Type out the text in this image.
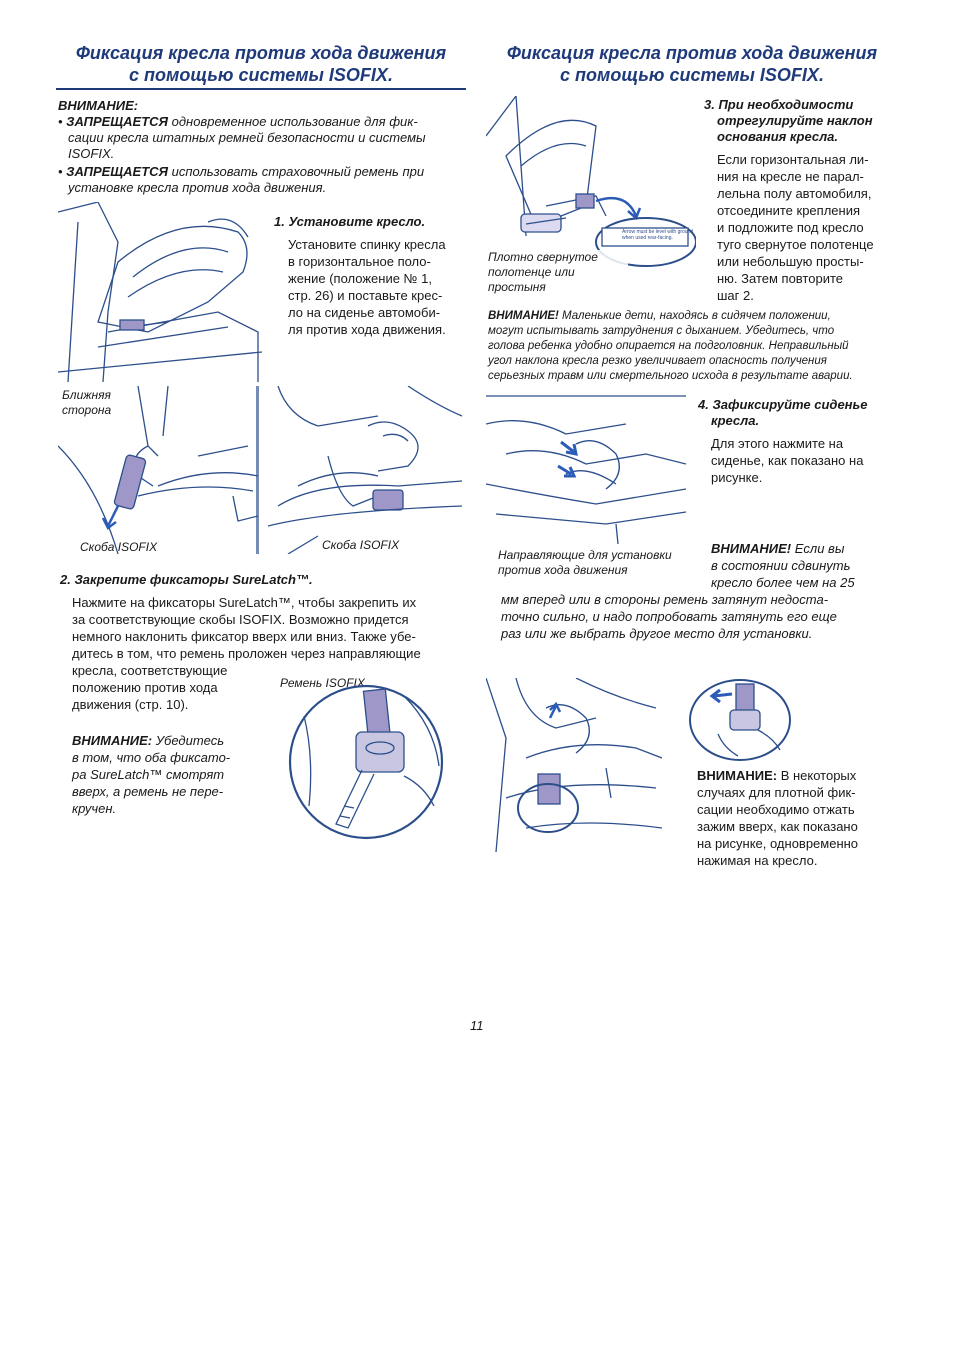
Фиксация кресла против хода движения
с помощью системы ISOFIX.
ВНИМАНИЕ:
• ЗАПРЕЩАЕТСЯ одновременное использование для фик-
сации кресла штатных ремней безопасности и системы
ISOFIX.
• ЗАПРЕЩАЕТСЯ использовать страховочный ремень при
установке кресла против хода движения.
1. Установите кресло.
Установите спинку кресла
в горизонтальное поло-
жение (положение № 1,
стр. 26) и поставьте крес-
ло на сиденье автомоби-
ля против хода движения.
Ближняя
сторона
Скоба ISOFIX	Скоба ISOFIX
2. Закрепите фиксаторы SureLatch™.
Нажмите на фиксаторы SureLatch™, чтобы закрепить их
за соответствующие скобы ISOFIX. Возможно придется
немного наклонить фиксатор вверх или вниз. Также убе-
дитесь в том, что ремень проложен через направляющие
кресла, соответствующие
положению против хода
движения (стр. 10).
Ремень ISOFIX
ВНИМАНИЕ: Убедитесь
в том, что оба фиксато-
ра SureLatch™ смотрят
вверх, а ремень не пере-
кручен.
Фиксация кресла против хода движения
с помощью системы ISOFIX.
Arrow must be level with ground
when used rear-facing.
Плотно свернутое
полотенце или
простыня
3. При необходимости
отрегулируйте наклон
основания кресла.
Если горизонтальная ли-
ния на кресле не парал-
лельна полу автомобиля,
отсоедините крепления
и подложите под кресло
туго свернутое полотенце
или небольшую просты-
ню. Затем повторите
шаг 2.
ВНИМАНИЕ! Маленькие дети, находясь в сидячем положении,
могут испытывать затруднения с дыханием. Убедитесь, что
голова ребенка удобно опирается на подголовник. Неправильный
угол наклона кресла резко увеличивает опасность получения
серьезных травм или смертельного исхода в результате аварии.
Направляющие для установки
против хода движения
4. Зафиксируйте сиденье
кресла.
Для этого нажмите на
сиденье, как показано на
рисунке.
ВНИМАНИЕ! Если вы
в состоянии сдвинуть
кресло более чем на 25
мм вперед или в стороны ремень затянут недоста-
точно сильно, и надо попробовать затянуть его еще
раз или же выбрать другое место для установки.
ВНИМАНИЕ: В некоторых
случаях для плотной фик-
сации необходимо отжать
зажим вверх, как показано
на рисунке, одновременно
нажимая на кресло.
11
